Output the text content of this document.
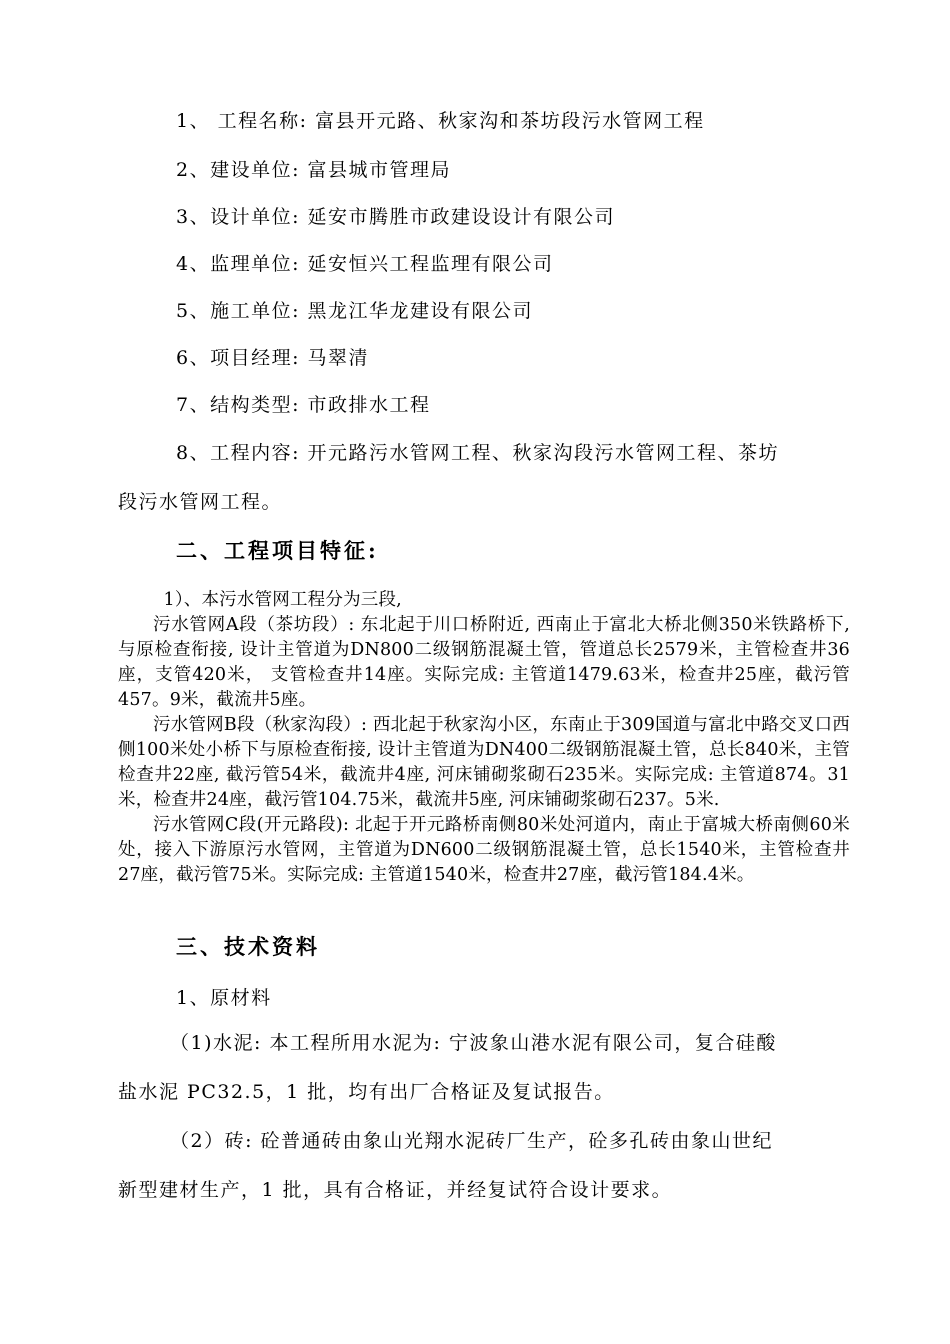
1、 工程名称: 富县开元路、秋家沟和茶坊段污水管网工程
2、建设单位: 富县城市管理局
3、设计单位: 延安市腾胜市政建设设计有限公司
4、监理单位: 延安恒兴工程监理有限公司
5、施工单位: 黑龙江华龙建设有限公司
6、项目经理: 马翠清
7、结构类型: 市政排水工程
8、工程内容: 开元路污水管网工程、秋家沟段污水管网工程、茶坊
段污水管网工程。
二、工程项目特征:

1）、本污水管网工程分为三段,

污水管网A段（茶坊段）: 东北起于川口桥附近, 西南止于富北大桥北侧350米铁路桥下, 与原检查衔接, 设计主管道为DN800二级钢筋混凝土管，管道总长2579米，主管检查井36座，支管420米， 支管检查井14座。实际完成: 主管道1479.63米，检查井25座，截污管457。9米，截流井5座。

污水管网B段（秋家沟段）: 西北起于秋家沟小区，东南止于309国道与富北中路交叉口西侧100米处小桥下与原检查衔接, 设计主管道为DN400二级钢筋混凝土管，总长840米，主管检查井22座, 截污管54米，截流井4座, 河床铺砌浆砌石235米。实际完成: 主管道874。31米，检查井24座，截污管104.75米，截流井5座, 河床铺砌浆砌石237。5米.

污水管网C段(开元路段): 北起于开元路桥南侧80米处河道内，南止于富城大桥南侧60米处，接入下游原污水管网，主管道为DN600二级钢筋混凝土管，总长1540米，主管检查井27座，截污管75米。实际完成: 主管道1540米，检查井27座，截污管184.4米。

三、技术资料
1、原材料
（1)水泥: 本工程所用水泥为: 宁波象山港水泥有限公司，复合硅酸
盐水泥 PC32.5，1 批，均有出厂合格证及复试报告。
（2）砖: 砼普通砖由象山光翔水泥砖厂生产，砼多孔砖由象山世纪
新型建材生产，1 批，具有合格证，并经复试符合设计要求。
